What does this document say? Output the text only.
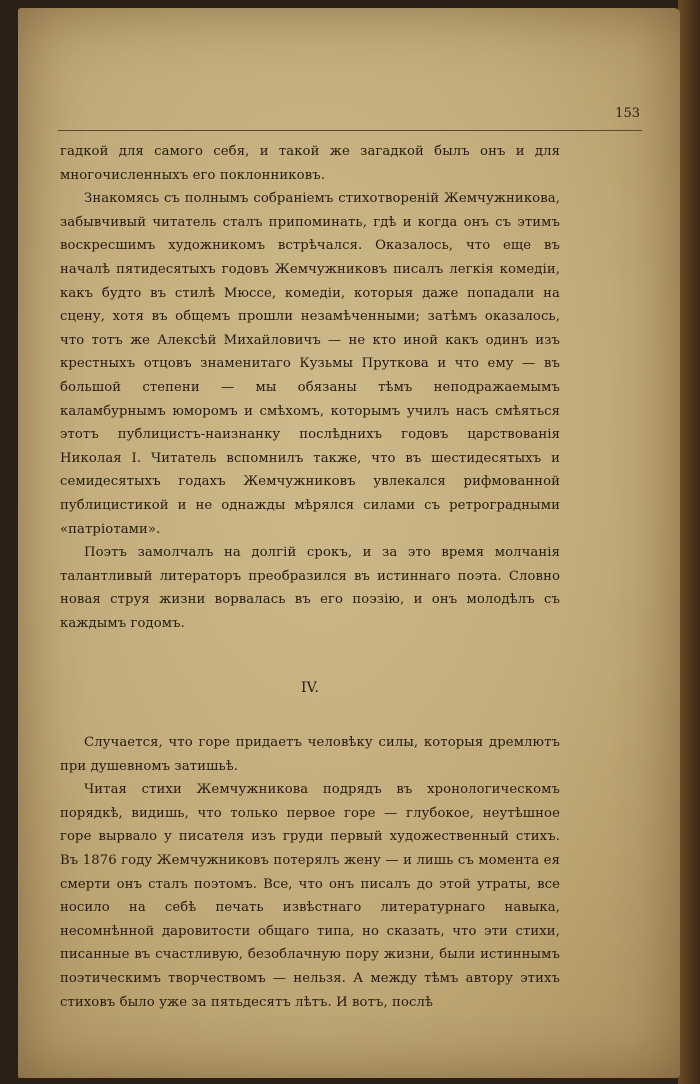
153

гадкой для самого себя, и такой же загадкой былъ онъ и для многочисленныхъ его поклонниковъ.

Знакомясь съ полнымъ собраніемъ стихотвореній Жемчужникова, забывчивый читатель сталъ припоминать, гдѣ и когда онъ съ этимъ воскресшимъ художникомъ встрѣчался. Оказалось, что еще въ началѣ пятидесятыхъ годовъ Жемчужниковъ писалъ легкія комедіи, какъ будто въ стилѣ Мюссе, комедіи, которыя даже попадали на сцену, хотя въ общемъ прошли незамѣченными; затѣмъ оказалось, что тотъ же Алексѣй Михайловичъ — не кто иной какъ одинъ изъ крестныхъ отцовъ знаменитаго Кузьмы Пруткова и что ему — въ большой степени — мы обязаны тѣмъ неподражаемымъ каламбурнымъ юморомъ и смѣхомъ, которымъ училъ насъ смѣяться этотъ публицистъ-наизнанку послѣднихъ годовъ царствованія Николая I. Читатель вспомнилъ также, что въ шестидесятыхъ и семидесятыхъ годахъ Жемчужниковъ увлекался рифмованной публицистикой и не однажды мѣрялся силами съ ретроградными «патріотами».

Поэтъ замолчалъ на долгій срокъ, и за это время молчанія талантливый литераторъ преобразился въ истиннаго поэта. Словно новая струя жизни ворвалась въ его поэзію, и онъ молодѣлъ съ каждымъ годомъ.

IV.

Случается, что горе придаетъ человѣку силы, которыя дремлютъ при душевномъ затишьѣ.

Читая стихи Жемчужникова подрядъ въ хронологическомъ порядкѣ, видишь, что только первое горе — глубокое, неутѣшное горе вырвало у писателя изъ груди первый художественный стихъ. Въ 1876 году Жемчужниковъ потерялъ жену — и лишь съ момента ея смерти онъ сталъ поэтомъ. Все, что онъ писалъ до этой утраты, все носило на себѣ печать извѣстнаго литературнаго навыка, несомнѣнной даровитости общаго типа, но сказать, что эти стихи, писанные въ счастливую, безоблачную пору жизни, были истиннымъ поэтическимъ творчествомъ — нельзя. А между тѣмъ автору этихъ стиховъ было уже за пятьдесятъ лѣтъ. И вотъ, послѣ
